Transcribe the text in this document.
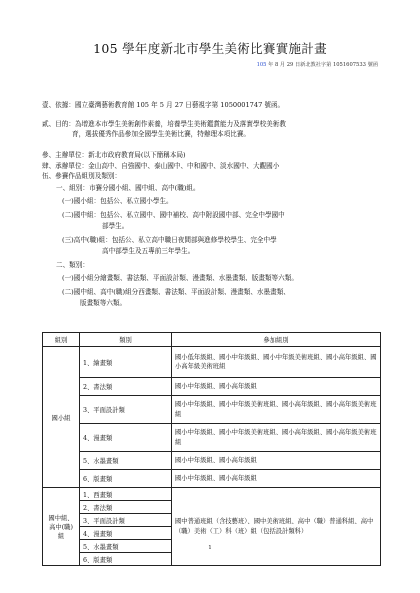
105 學年度新北市學生美術比賽實施計畫
105 年 8 月 29 日新北教社字第 1051607533 號函
壹、依據：國立臺灣藝術教育館 105 年 5 月 27 日藝視字第 1050001747 號函。
貳、目的：為增進本市學生美術創作素養，培養學生美術鑑賞能力及落實學校美術教
育，選拔優秀作品參加全國學生美術比賽，特辦理本項比賽。
參、主辦單位：新北市政府教育局(以下簡稱本局)
肆、承辦單位：金山高中、自強國中、泰山國中、中和國中、淡水國中、大觀國小
伍、參賽作品組別及類別：
一、組別：市賽分國小組、國中組、高中(職)組。
(一)國小組：包括公、私立國小學生。
(二)國中組：包括公、私立國中、國中補校、高中附設國中部、完全中學國中
部學生。
(三)高中(職)組：包括公、私立高中職日夜間部與進修學校學生、完全中學
高中部學生及五專前三年學生。
二、類別：
(一)國小組分繪畫類、書法類、平面設計類、漫畫類、水墨畫類、版畫類等六類。
(二)國中組、高中(職)組分西畫類、書法類、平面設計類、漫畫類、水墨畫類、
版畫類等六類。
組別	類別	參加組別
國小組	1、繪畫類	國小低年級組、國小中年級組、國小中年級美術班組、國小高年級組、國小高年級美術班組
	2、書法類	國小中年級組、國小高年級組
	3、平面設計類	國小中年級組、國小中年級美術班組、國小高年級組、國小高年級美術班組
	4、漫畫類	國小中年級組、國小中年級美術班組、國小高年級組、國小高年級美術班組
	5、水墨畫類	國小中年級組、國小高年級組
	6、版畫類	國小中年級組、國小高年級組

國中組、
高中(職)
組	1、西畫類	國中普通班組（含技藝班）、國中美術班組、高中（職）普通科組、高中（職）美術（工）科（班）組（包括設計類科）
	2、書法類	
	3、平面設計類	
	4、漫畫類	
	5、水墨畫類	
	6、版畫類	
1
